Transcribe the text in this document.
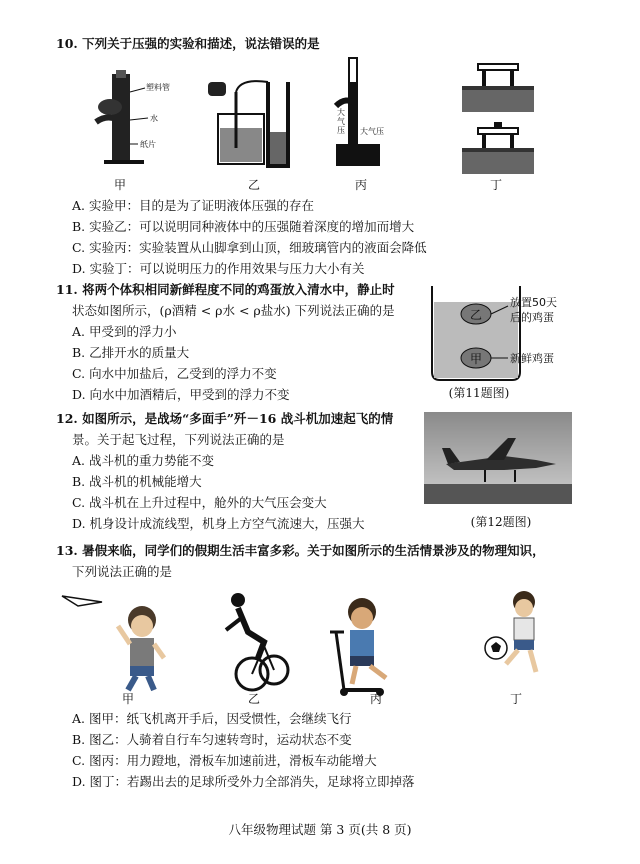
10. 下列关于压强的实验和描述，说法错误的是
塑料管
水
纸片
大
气
压 大气压
甲	乙	丙	丁
A. 实验甲：目的是为了证明液体压强的存在
B. 实验乙：可以说明同种液体中的压强随着深度的增加而增大
C. 实验丙：实验装置从山脚拿到山顶，细玻璃管内的液面会降低
D. 实验丁：可以说明压力的作用效果与压力大小有关
11. 将两个体积相同新鲜程度不同的鸡蛋放入清水中，静止时
状态如图所示，(ρ酒精 < ρ水 < ρ盐水) 下列说法正确的是
A. 甲受到的浮力小
B. 乙排开水的质量大
C. 向水中加盐后，乙受到的浮力不变
D. 向水中加酒精后，甲受到的浮力不变
乙
甲
放置50天
后的鸡蛋
新鲜鸡蛋
(第11题图)
12. 如图所示，是战场“多面手”歼－16 战斗机加速起飞的情
景。关于起飞过程，下列说法正确的是
A. 战斗机的重力势能不变
B. 战斗机的机械能增大
C. 战斗机在上升过程中，舱外的大气压会变大
D. 机身设计成流线型，机身上方空气流速大，压强大	(第12题图)
13. 暑假来临，同学们的假期生活丰富多彩。关于如图所示的生活情景涉及的物理知识，
下列说法正确的是
甲	乙	丙	丁
A. 图甲：纸飞机离开手后，因受惯性，会继续飞行
B. 图乙：人骑着自行车匀速转弯时，运动状态不变
C. 图丙：用力蹬地，滑板车加速前进，滑板车动能增大
D. 图丁：若踢出去的足球所受外力全部消失，足球将立即掉落
八年级物理试题 第 3 页(共 8 页)
